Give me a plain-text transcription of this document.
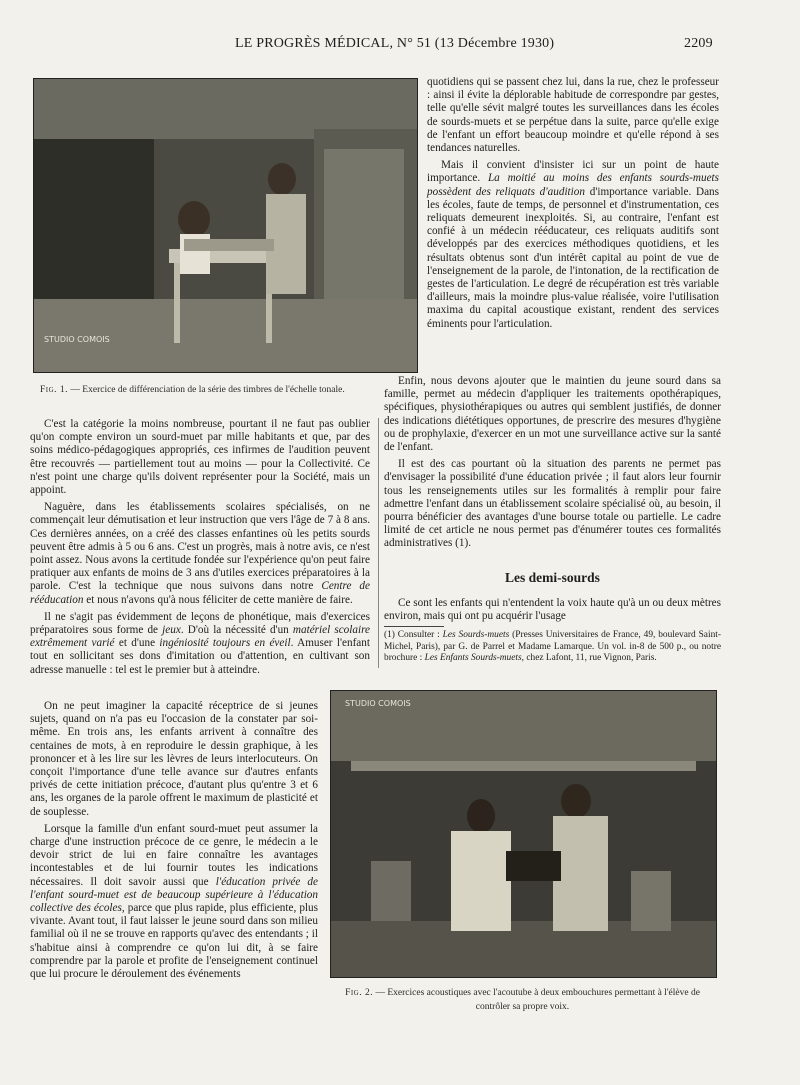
LE PROGRÈS MÉDICAL, N° 51 (13 Décembre 1930)	2209
STUDIO COMOIS
Fig. 1. — Exercice de différenciation de la série des timbres de l'échelle tonale.

quotidiens qui se passent chez lui, dans la rue, chez le professeur : ainsi il évite la déplorable habitude de correspondre par gestes, telle qu'elle sévit malgré toutes les surveillances dans les écoles de sourds-muets et se perpétue dans la suite, parce qu'elle exige de l'enfant un effort beaucoup moindre et qu'elle répond à ses tendances naturelles.

Mais il convient d'insister ici sur un point de haute importance. La moitié au moins des enfants sourds-muets possèdent des reliquats d'audition d'importance variable. Dans les écoles, faute de temps, de personnel et d'instrumentation, ces reliquats demeurent inexploités. Si, au contraire, l'enfant est confié à un médecin rééducateur, ces reliquats auditifs sont développés par des exercices méthodiques quotidiens, et les résultats obtenus sont d'un intérêt capital au point de vue de l'enseignement de la parole, de l'intonation, de la rectification de gestes de l'articulation. Le degré de récupération est très variable d'ailleurs, mais la moindre plus-value réalisée, voire l'utilisation maxima du capital acoustique existant, rendent des services éminents pour l'articulation.

Enfin, nous devons ajouter que le maintien du jeune sourd dans sa famille, permet au médecin d'appliquer les traitements opothérapiques, spécifiques, physiothérapiques ou autres qui semblent justifiés, de donner des indications diététiques opportunes, de prescrire des mesures d'hygiène ou de prophylaxie, d'exercer en un mot une surveillance active sur la santé de l'enfant.

Il est des cas pourtant où la situation des parents ne permet pas d'envisager la possibilité d'une éducation privée ; il faut alors leur fournir tous les renseignements utiles sur les formalités à remplir pour faire admettre l'enfant dans un établissement scolaire spécialisé où, au besoin, il pourra bénéficier des avantages d'une bourse totale ou partielle. Le cadre limité de cet article ne nous permet pas d'énumérer toutes ces formalités administratives (1).

Les demi-sourds

Ce sont les enfants qui n'entendent la voix haute qu'à un ou deux mètres environ, mais qui ont pu acquérir l'usage

(1) Consulter : Les Sourds-muets (Presses Universitaires de France, 49, boulevard Saint-Michel, Paris), par G. de Parrel et Madame Lamarque. Un vol. in-8 de 500 p., ou notre brochure : Les Enfants Sourds-muets, chez Lafont, 11, rue Vignon, Paris.

C'est la catégorie la moins nombreuse, pourtant il ne faut pas oublier qu'on compte environ un sourd-muet par mille habitants et que, par des soins médico-pédagogiques appropriés, ces infirmes de l'audition peuvent être recouvrés — partiellement tout au moins — pour la Collectivité. Ce n'est point une charge qu'ils doivent représenter pour la Société, mais un appoint.

Naguère, dans les établissements scolaires spécialisés, on ne commençait leur démutisation et leur instruction que vers l'âge de 7 à 8 ans. Ces dernières années, on a créé des classes enfantines où les petits sourds peuvent être admis à 5 ou 6 ans. C'est un progrès, mais à notre avis, ce n'est point assez. Nous avons la certitude fondée sur l'expérience qu'on peut faire pratiquer aux enfants de moins de 3 ans d'utiles exercices préparatoires à la parole. C'est la technique que nous suivons dans notre Centre de rééducation et nous n'avons qu'à nous féliciter de cette manière de faire.

Il ne s'agit pas évidemment de leçons de phonétique, mais d'exercices préparatoires sous forme de jeux. D'où la nécessité d'un matériel scolaire extrêmement varié et d'une ingéniosité toujours en éveil. Amuser l'enfant tout en sollicitant ses dons d'imitation ou d'attention, en cultivant son adresse manuelle : tel est le premier but à atteindre.

On ne peut imaginer la capacité réceptrice de si jeunes sujets, quand on n'a pas eu l'occasion de la constater par soi-même. En trois ans, les enfants arrivent à connaître des centaines de mots, à en reproduire le dessin graphique, à les prononcer et à les lire sur les lèvres de leurs interlocuteurs. On conçoit l'importance d'une telle avance sur d'autres enfants privés de cette initiation précoce, d'autant plus qu'entre 3 et 6 ans, les organes de la parole offrent le maximum de plasticité et de souplesse.

Lorsque la famille d'un enfant sourd-muet peut assumer la charge d'une instruction précoce de ce genre, le médecin a le devoir strict de lui en faire connaître les avantages incontestables et de lui fournir toutes les indications nécessaires. Il doit savoir aussi que l'éducation privée de l'enfant sourd-muet est de beaucoup supérieure à l'éducation collective des écoles, parce que plus rapide, plus efficiente, plus vivante. Avant tout, il faut laisser le jeune sourd dans son milieu familial où il ne se trouve en rapports qu'avec des entendants ; il s'habitue ainsi à comprendre ce qu'on lui dit, à se faire comprendre par la parole et profite de l'enseignement continuel que lui procure le déroulement des événements

STUDIO COMOIS
Fig. 2. — Exercices acoustiques avec l'acoutube à deux embouchures permettant à l'élève de contrôler sa propre voix.
